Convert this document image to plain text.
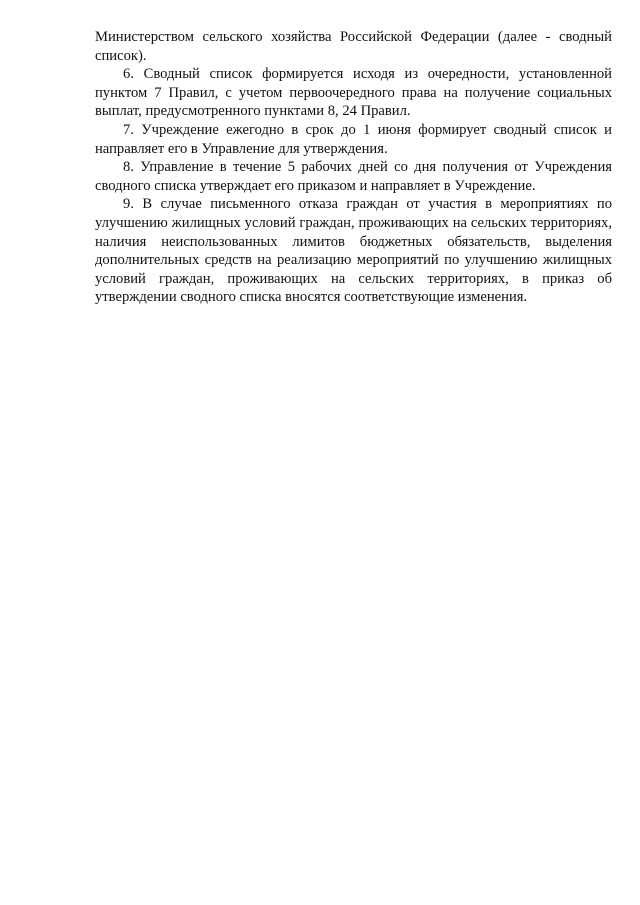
Министерством сельского хозяйства Российской Федерации (далее - сводный список).

6. Сводный список формируется исходя из очередности, установленной пунктом 7 Правил, с учетом первоочередного права на получение социальных выплат, предусмотренного пунктами 8, 24 Правил.

7. Учреждение ежегодно в срок до 1 июня формирует сводный список и направляет его в Управление для утверждения.

8. Управление в течение 5 рабочих дней со дня получения от Учреждения сводного списка утверждает его приказом и направляет в Учреждение.

9. В случае письменного отказа граждан от участия в мероприятиях по улучшению жилищных условий граждан, проживающих на сельских территориях, наличия неиспользованных лимитов бюджетных обязательств, выделения дополнительных средств на реализацию мероприятий по улучшению жилищных условий граждан, проживающих на сельских территориях, в приказ об утверждении сводного списка вносятся соответствующие изменения.
